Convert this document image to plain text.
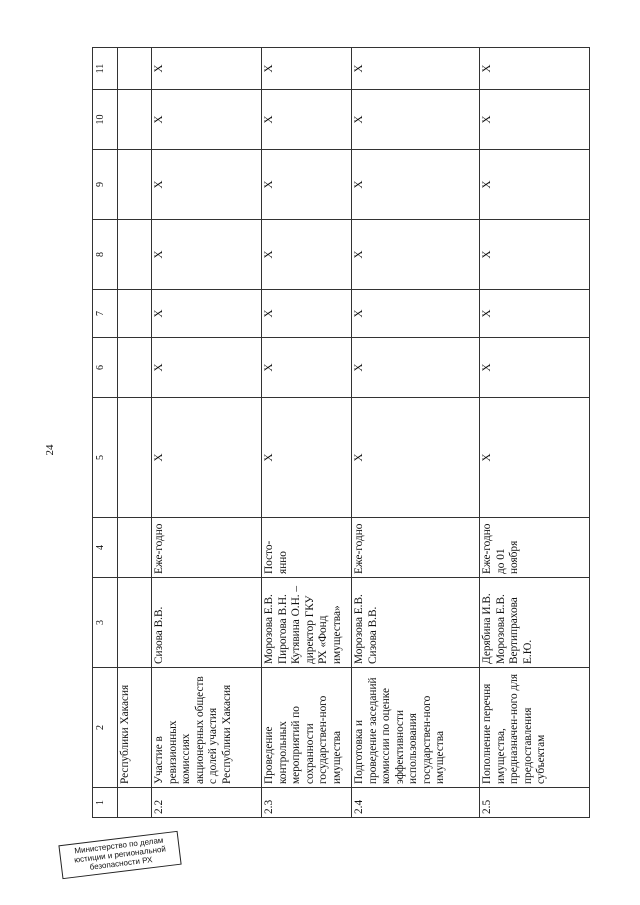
24
1	2	3	4	5	6	7	8	9	10	11
	Республики Хакасия									
2.2	Участие в ревизионных комиссиях акционерных обществ с долей участия Республики Хакасия	Сизова В.В.	Еже-годно	Х	Х	Х	Х	Х	Х	Х
2.3	Проведение контрольных мероприятий по сохранности государствен-ного имущества	Морозова Е.В. Пирогова В.Н. Кутявина О.Н. – директор ГКУ РХ «Фонд имущества»	Посто-янно	Х	Х	Х	Х	Х	Х	Х
2.4	Подготовка и проведение заседаний комиссии по оценке эффективности использования государствен-ного имущества	Морозова Е.В. Сизова В.В.	Еже-годно	Х	Х	Х	Х	Х	Х	Х
2.5	Пополнение перечня имущества, предназначен-ного для предоставления субъектам	Дерябина И.В. Морозова Е.В. Вертипрахова Е.Ю.	Еже-годно до 01 ноября	Х	Х	Х	Х	Х	Х	Х
Министерство по делам юстиции и региональной безопасности РХ
